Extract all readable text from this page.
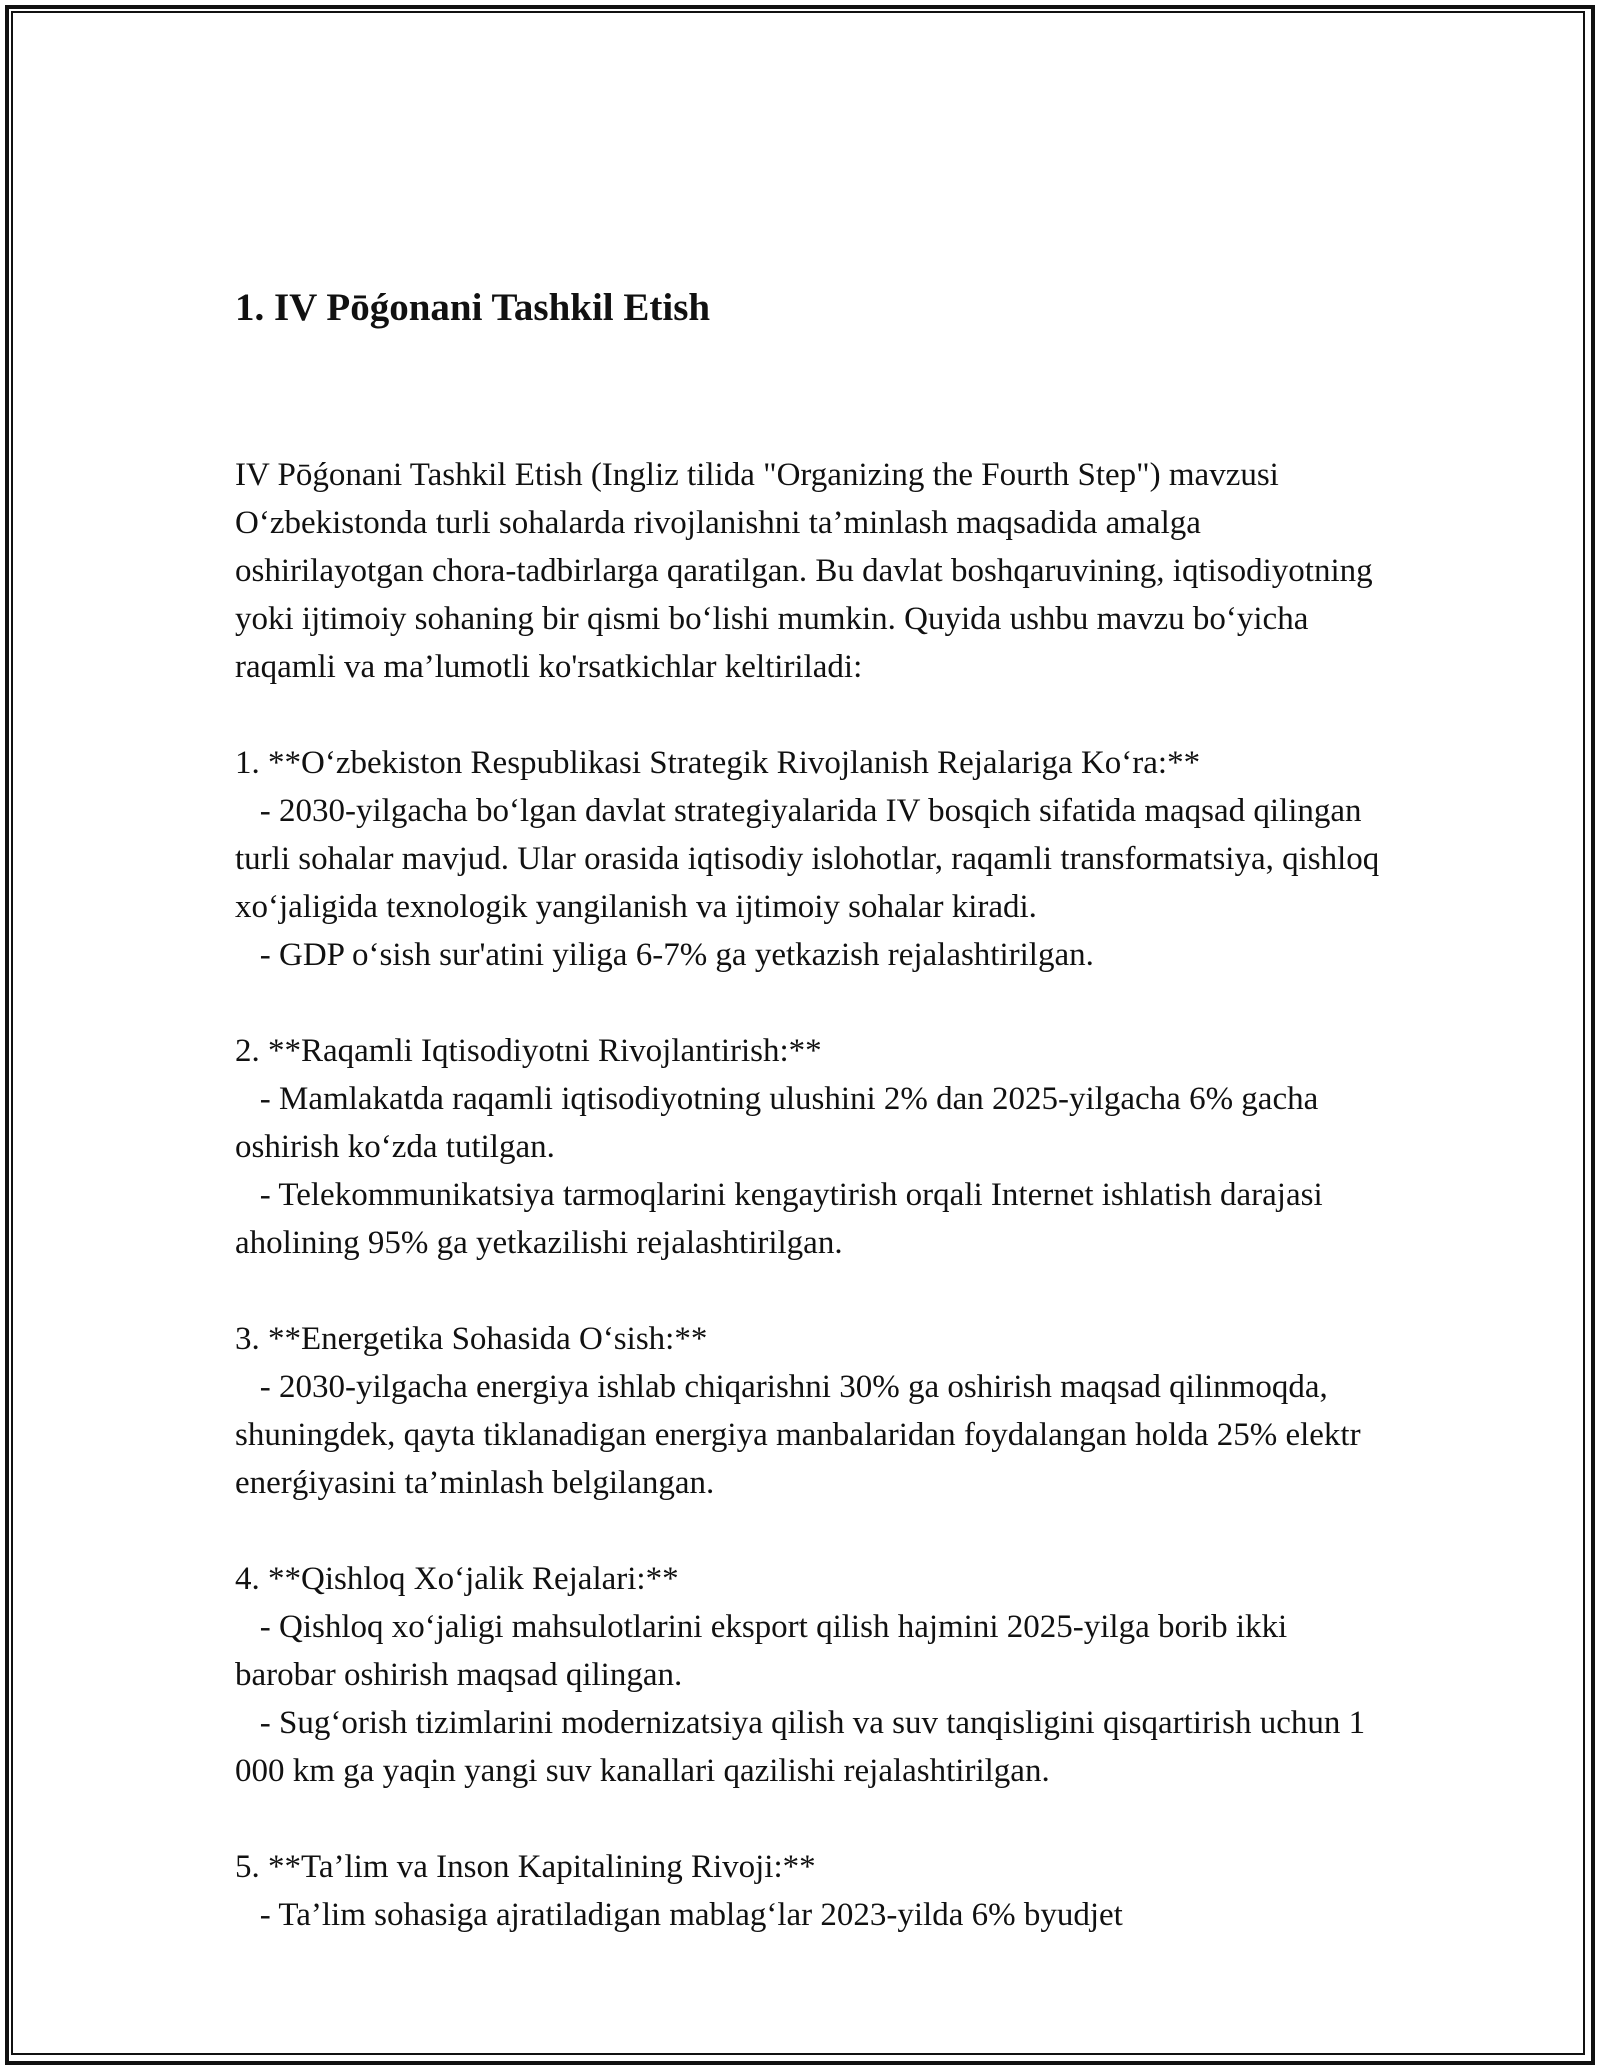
1. IV Pōǵonani Tashkil Etish

IV Pōǵonani Tashkil Etish (Ingliz tilida "Organizing the Fourth Step") mavzusi O‘zbekistonda turli sohalarda rivojlanishni ta’minlash maqsadida amalga oshirilayotgan chora-tadbirlarga qaratilgan. Bu davlat boshqaruvining, iqtisodiyotning yoki ijtimoiy sohaning bir qismi bo‘lishi mumkin. Quyida ushbu mavzu bo‘yicha raqamli va ma’lumotli ko'rsatkichlar keltiriladi:

1. **O‘zbekiston Respublikasi Strategik Rivojlanish Rejalariga Ko‘ra:**
- 2030-yilgacha bo‘lgan davlat strategiyalarida IV bosqich sifatida maqsad qilingan turli sohalar mavjud. Ular orasida iqtisodiy islohotlar, raqamli transformatsiya, qishloq xo‘jaligida texnologik yangilanish va ijtimoiy sohalar kiradi.
- GDP o‘sish sur'atini yiliga 6-7% ga yetkazish rejalashtirilgan.

2. **Raqamli Iqtisodiyotni Rivojlantirish:**
- Mamlakatda raqamli iqtisodiyotning ulushini 2% dan 2025-yilgacha 6% gacha oshirish ko‘zda tutilgan.
- Telekommunikatsiya tarmoqlarini kengaytirish orqali Internet ishlatish darajasi aholining 95% ga yetkazilishi rejalashtirilgan.

3. **Energetika Sohasida O‘sish:**
- 2030-yilgacha energiya ishlab chiqarishni 30% ga oshirish maqsad qilinmoqda, shuningdek, qayta tiklanadigan energiya manbalaridan foydalangan holda 25% elektr enerǵiyasini ta’minlash belgilangan.

4. **Qishloq Xo‘jalik Rejalari:**
- Qishloq xo‘jaligi mahsulotlarini eksport qilish hajmini 2025-yilga borib ikki barobar oshirish maqsad qilingan.
- Sug‘orish tizimlarini modernizatsiya qilish va suv tanqisligini qisqartirish uchun 1 000 km ga yaqin yangi suv kanallari qazilishi rejalashtirilgan.

5. **Ta’lim va Inson Kapitalining Rivoji:**
- Ta’lim sohasiga ajratiladigan mablag‘lar 2023-yilda 6% byudjet
